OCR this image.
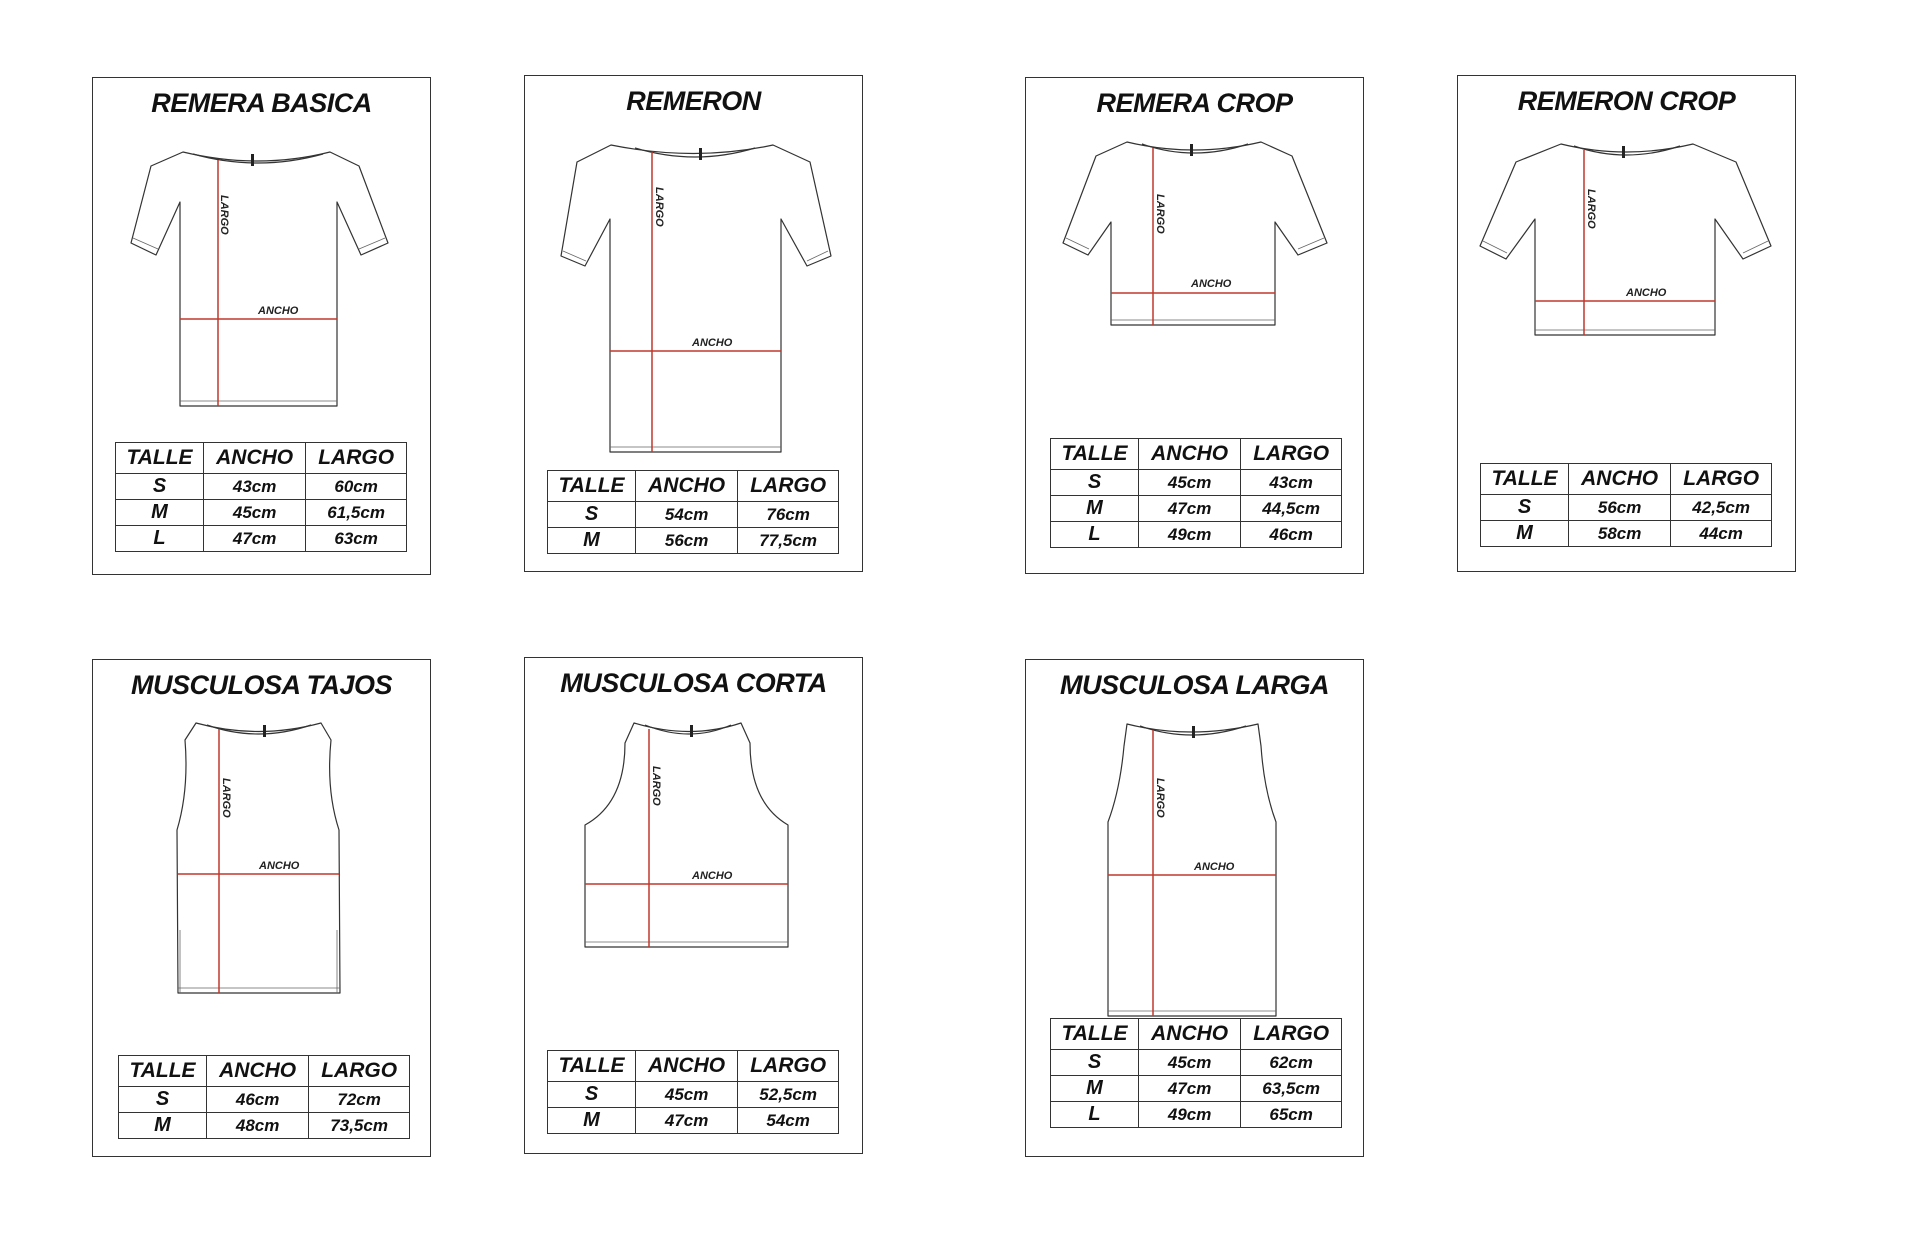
REMERA BASICA
LARGO
ANCHO
TALLE	ANCHO	LARGO
S	43cm	60cm
M	45cm	61,5cm
L	47cm	63cm
REMERON
LARGO
ANCHO
TALLE	ANCHO	LARGO
S	54cm	76cm
M	56cm	77,5cm
REMERA CROP
LARGO
ANCHO
TALLE	ANCHO	LARGO
S	45cm	43cm
M	47cm	44,5cm
L	49cm	46cm
REMERON CROP
LARGO
ANCHO
TALLE	ANCHO	LARGO
S	56cm	42,5cm
M	58cm	44cm
MUSCULOSA TAJOS
LARGO
ANCHO
TALLE	ANCHO	LARGO
S	46cm	72cm
M	48cm	73,5cm
MUSCULOSA CORTA
LARGO
ANCHO
TALLE	ANCHO	LARGO
S	45cm	52,5cm
M	47cm	54cm
MUSCULOSA LARGA
LARGO
ANCHO
TALLE	ANCHO	LARGO
S	45cm	62cm
M	47cm	63,5cm
L	49cm	65cm
